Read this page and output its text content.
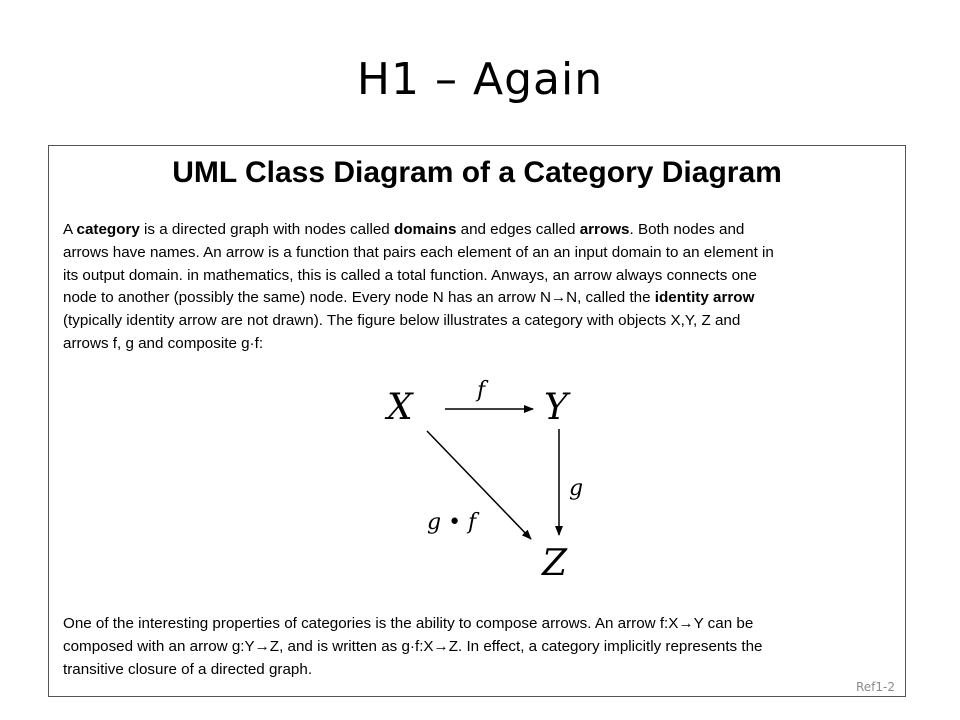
H1 – Again
UML Class Diagram of a Category Diagram
A category is a directed graph with nodes called domains and edges called arrows. Both nodes and
arrows have names. An arrow is a function that pairs each element of an an input domain to an element in
its output domain. in mathematics, this is called a total function. Anways, an arrow always connects one
node to another (possibly the same) node. Every node N has an arrow N→N, called the identity arrow
(typically identity arrow are not drawn). The figure below illustrates a category with objects X,Y, Z and
arrows f, g and composite g·f:
X	Y
Z
f
g
g • f
One of the interesting properties of categories is the ability to compose arrows. An arrow f:X→Y can be
composed with an arrow g:Y→Z, and is written as g·f:X→Z. In effect, a category implicitly represents the
transitive closure of a directed graph.
Ref1-2
